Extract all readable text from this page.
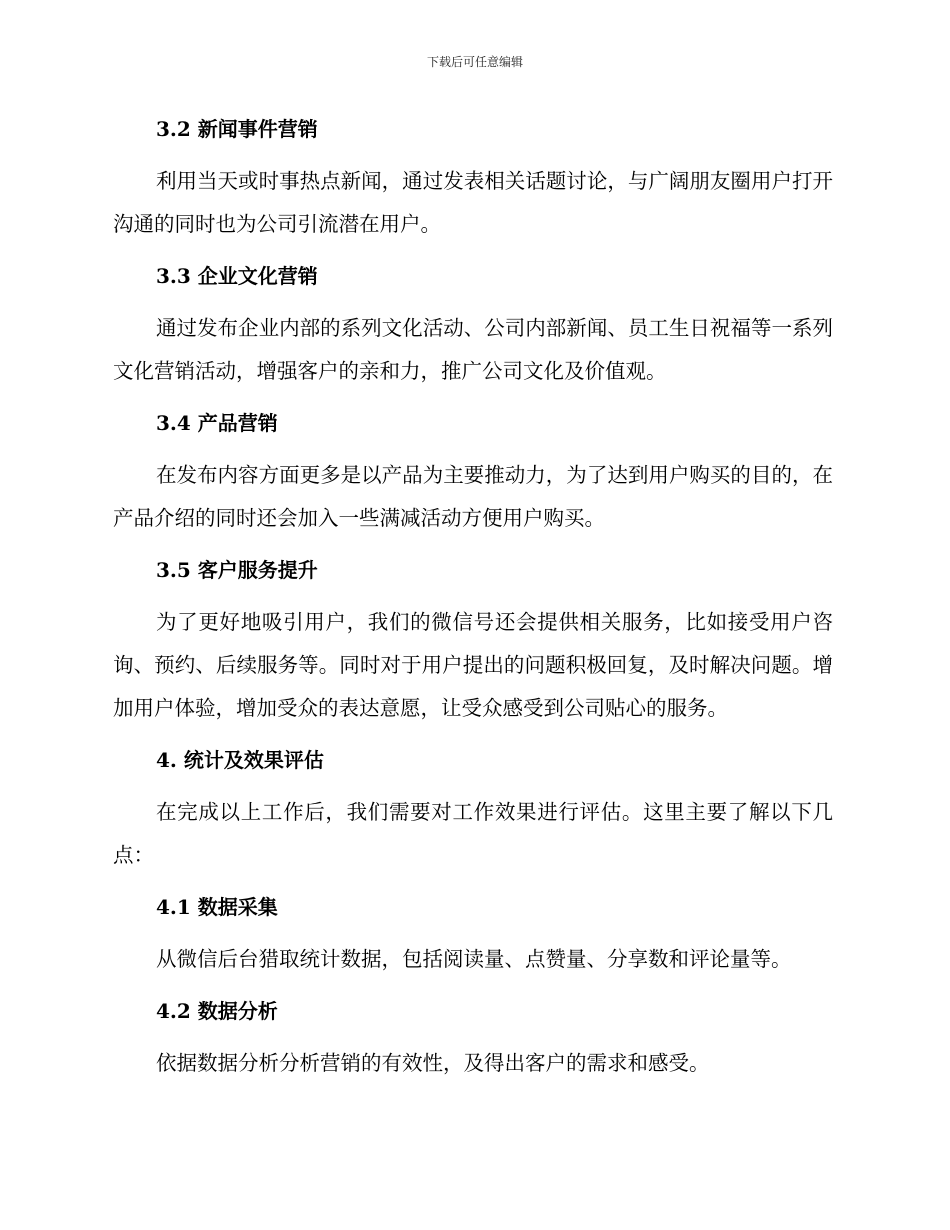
下载后可任意编辑
3.2 新闻事件营销

利用当天或时事热点新闻，通过发表相关话题讨论，与广阔朋友圈用户打开沟通的同时也为公司引流潜在用户。

3.3 企业文化营销

通过发布企业内部的系列文化活动、公司内部新闻、员工生日祝福等一系列文化营销活动，增强客户的亲和力，推广公司文化及价值观。

3.4 产品营销

在发布内容方面更多是以产品为主要推动力，为了达到用户购买的目的，在产品介绍的同时还会加入一些满减活动方便用户购买。

3.5 客户服务提升

为了更好地吸引用户，我们的微信号还会提供相关服务，比如接受用户咨询、预约、后续服务等。同时对于用户提出的问题积极回复，及时解决问题。增加用户体验，增加受众的表达意愿，让受众感受到公司贴心的服务。

4. 统计及效果评估

在完成以上工作后，我们需要对工作效果进行评估。这里主要了解以下几点：

4.1 数据采集

从微信后台猎取统计数据，包括阅读量、点赞量、分享数和评论量等。

4.2 数据分析

依据数据分析分析营销的有效性，及得出客户的需求和感受。
